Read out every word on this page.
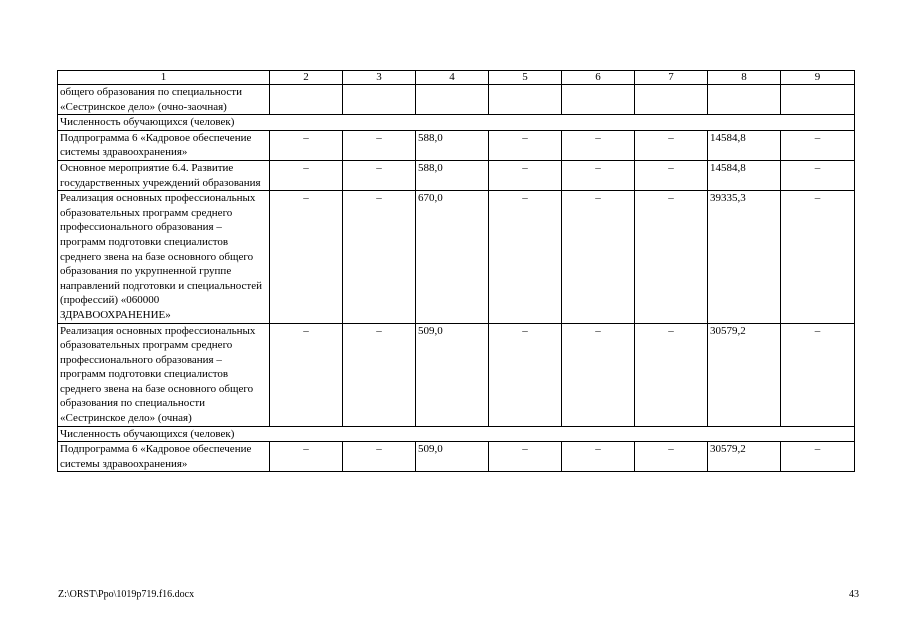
1	2	3	4	5	6	7	8	9
общего образования по специальности «Сестринское дело» (очно-заочная)								
Численность обучающихся (человек)								
Подпрограмма 6 «Кадровое обеспечение системы здравоохранения»	–	–	588,0	–	–	–	14584,8	–
Основное мероприятие 6.4. Развитие государственных учреждений образования	–	–	588,0	–	–	–	14584,8	–
Реализация основных профессиональных образовательных программ среднего профессионального образования – программ подготовки специалистов среднего звена на базе основного общего образования по укрупненной группе направлений подготовки и специальностей (профессий) «060000 ЗДРАВООХРАНЕНИЕ»	–	–	670,0	–	–	–	39335,3	–
Реализация основных профессиональных образовательных программ среднего профессионального образования – программ подготовки специалистов среднего звена на базе основного общего образования по специальности «Сестринское дело» (очная)	–	–	509,0	–	–	–	30579,2	–
Численность обучающихся (человек)								
Подпрограмма 6 «Кадровое обеспечение системы здравоохранения»	–	–	509,0	–	–	–	30579,2	–
Z:\ORST\Ppo\1019p719.f16.docx	43
